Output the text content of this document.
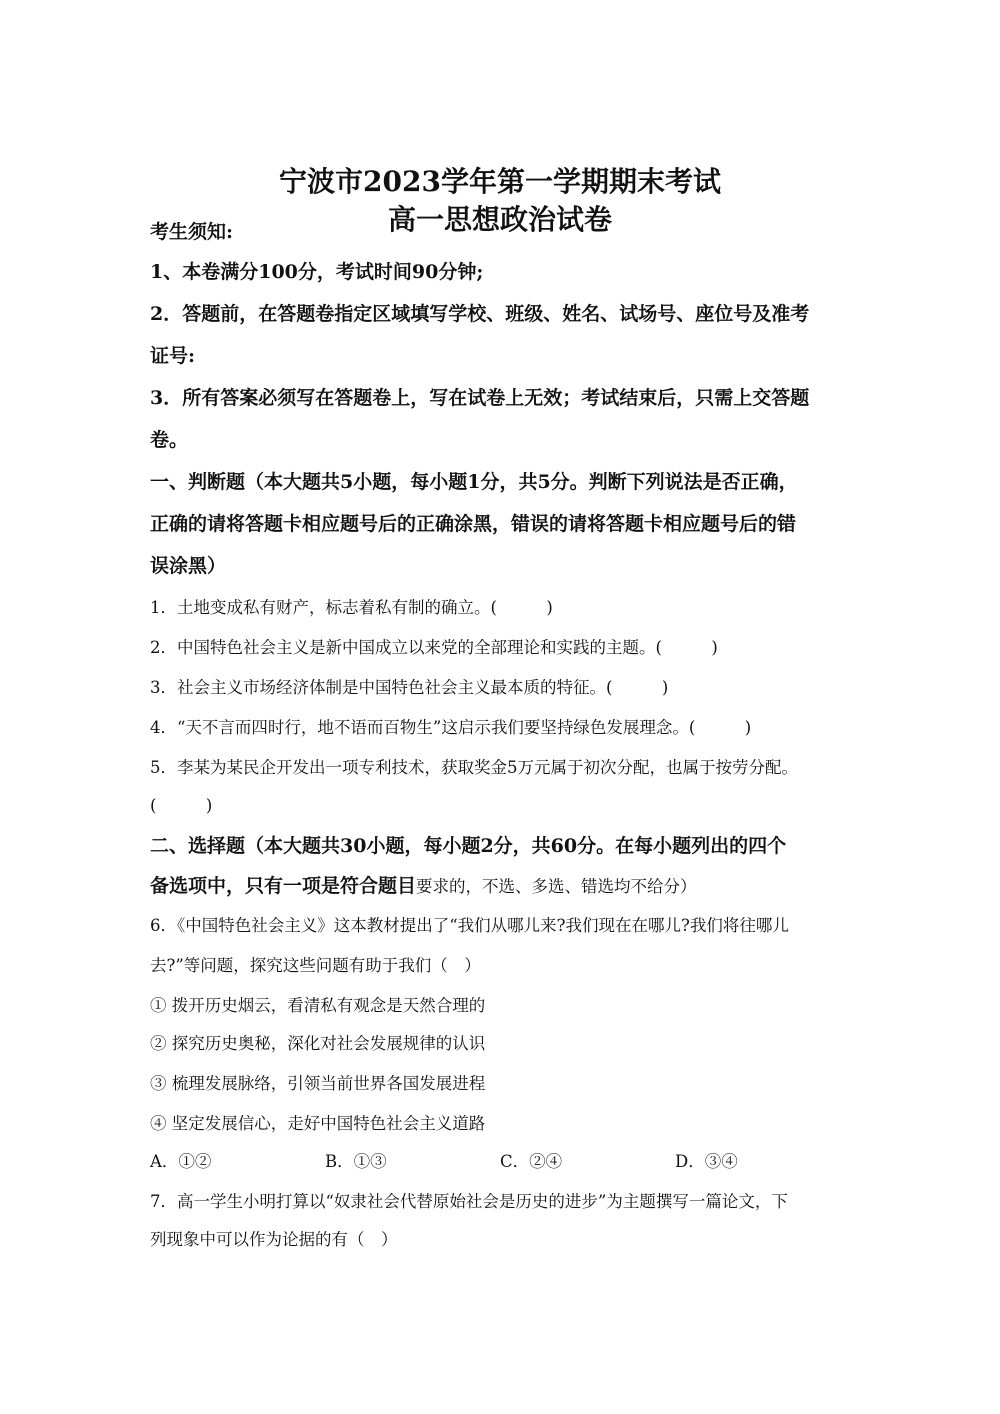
宁波市2023学年第一学期期末考试
高一思想政治试卷
考生须知:
1、本卷满分100分，考试时间90分钟;
2．答题前，在答题卷指定区域填写学校、班级、姓名、试场号、座位号及准考
证号:
3．所有答案必须写在答题卷上，写在试卷上无效；考试结束后，只需上交答题
卷。
一、判断题（本大题共5小题，每小题1分，共5分。判断下列说法是否正确，
正确的请将答题卡相应题号后的正确涂黑，错误的请将答题卡相应题号后的错
误涂黑）
1．土地变成私有财产，标志着私有制的确立。(　　　)
2．中国特色社会主义是新中国成立以来党的全部理论和实践的主题。(　　　)
3．社会主义市场经济体制是中国特色社会主义最本质的特征。(　　　)
4．“天不言而四时行，地不语而百物生”这启示我们要坚持绿色发展理念。(　　　)
5．李某为某民企开发出一项专利技术，获取奖金5万元属于初次分配，也属于按劳分配。
(　　　)
二、选择题（本大题共30小题，每小题2分，共60分。在每小题列出的四个
备选项中，只有一项是符合题目要求的，不选、多选、错选均不给分）
6．《中国特色社会主义》这本教材提出了“我们从哪儿来?我们现在在哪儿?我们将往哪儿
去?”等问题，探究这些问题有助于我们（　）
① 拨开历史烟云，看清私有观念是天然合理的
② 探究历史奥秘，深化对社会发展规律的认识
③ 梳理发展脉络，引领当前世界各国发展进程
④ 坚定发展信心，走好中国特色社会主义道路
A．①②	B．①③	C．②④	D．③④
7．高一学生小明打算以“奴隶社会代替原始社会是历史的进步”为主题撰写一篇论文，下
列现象中可以作为论据的有（　）
